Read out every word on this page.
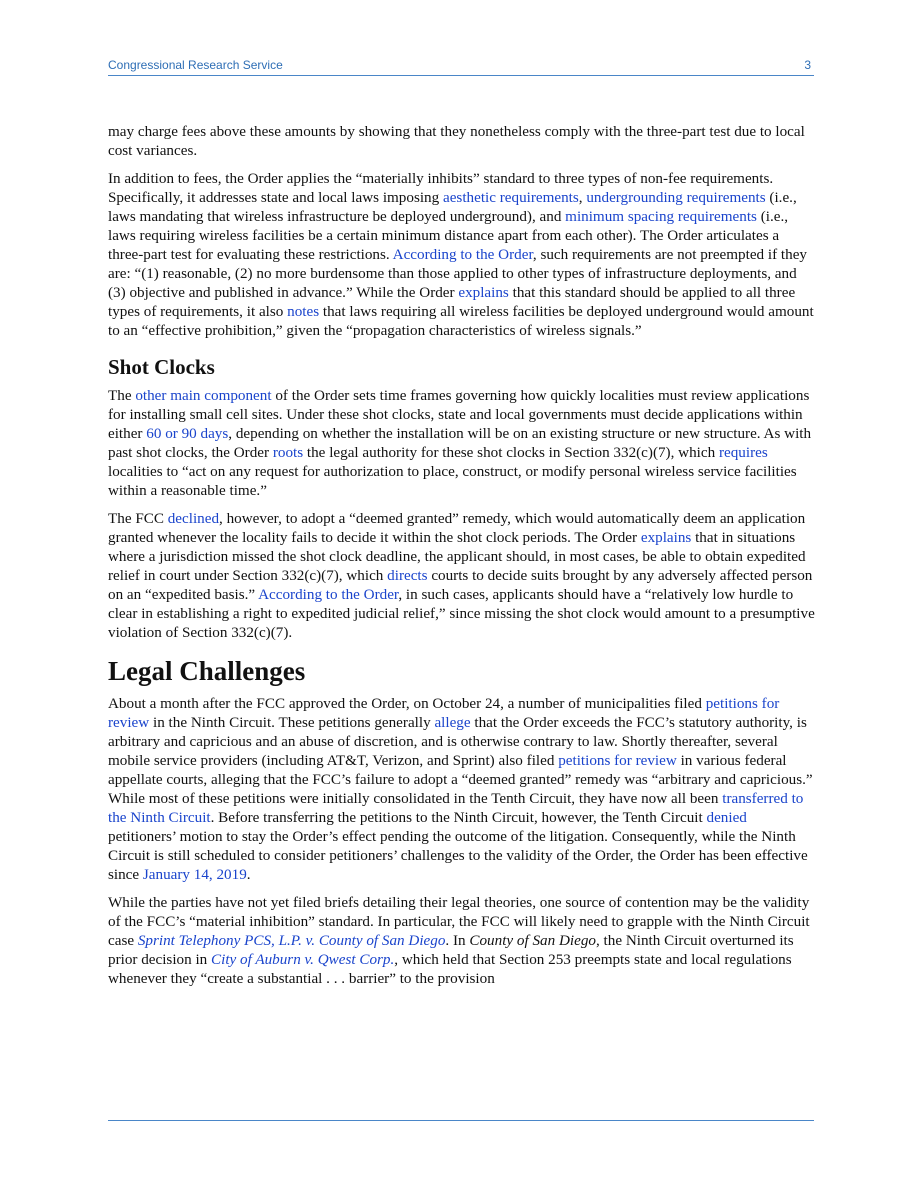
Congressional Research Service	3

may charge fees above these amounts by showing that they nonetheless comply with the three-part test due to local cost variances.

In addition to fees, the Order applies the “materially inhibits” standard to three types of non-fee requirements. Specifically, it addresses state and local laws imposing aesthetic requirements, undergrounding requirements (i.e., laws mandating that wireless infrastructure be deployed underground), and minimum spacing requirements (i.e., laws requiring wireless facilities be a certain minimum distance apart from each other). The Order articulates a three-part test for evaluating these restrictions. According to the Order, such requirements are not preempted if they are: “(1) reasonable, (2) no more burdensome than those applied to other types of infrastructure deployments, and (3) objective and published in advance.” While the Order explains that this standard should be applied to all three types of requirements, it also notes that laws requiring all wireless facilities be deployed underground would amount to an “effective prohibition,” given the “propagation characteristics of wireless signals.”

Shot Clocks

The other main component of the Order sets time frames governing how quickly localities must review applications for installing small cell sites. Under these shot clocks, state and local governments must decide applications within either 60 or 90 days, depending on whether the installation will be on an existing structure or new structure. As with past shot clocks, the Order roots the legal authority for these shot clocks in Section 332(c)(7), which requires localities to “act on any request for authorization to place, construct, or modify personal wireless service facilities within a reasonable time.”

The FCC declined, however, to adopt a “deemed granted” remedy, which would automatically deem an application granted whenever the locality fails to decide it within the shot clock periods. The Order explains that in situations where a jurisdiction missed the shot clock deadline, the applicant should, in most cases, be able to obtain expedited relief in court under Section 332(c)(7), which directs courts to decide suits brought by any adversely affected person on an “expedited basis.” According to the Order, in such cases, applicants should have a “relatively low hurdle to clear in establishing a right to expedited judicial relief,” since missing the shot clock would amount to a presumptive violation of Section 332(c)(7).

Legal Challenges

About a month after the FCC approved the Order, on October 24, a number of municipalities filed petitions for review in the Ninth Circuit. These petitions generally allege that the Order exceeds the FCC’s statutory authority, is arbitrary and capricious and an abuse of discretion, and is otherwise contrary to law. Shortly thereafter, several mobile service providers (including AT&T, Verizon, and Sprint) also filed petitions for review in various federal appellate courts, alleging that the FCC’s failure to adopt a “deemed granted” remedy was “arbitrary and capricious.” While most of these petitions were initially consolidated in the Tenth Circuit, they have now all been transferred to the Ninth Circuit. Before transferring the petitions to the Ninth Circuit, however, the Tenth Circuit denied petitioners’ motion to stay the Order’s effect pending the outcome of the litigation. Consequently, while the Ninth Circuit is still scheduled to consider petitioners’ challenges to the validity of the Order, the Order has been effective since January 14, 2019.

While the parties have not yet filed briefs detailing their legal theories, one source of contention may be the validity of the FCC’s “material inhibition” standard. In particular, the FCC will likely need to grapple with the Ninth Circuit case Sprint Telephony PCS, L.P. v. County of San Diego. In County of San Diego, the Ninth Circuit overturned its prior decision in City of Auburn v. Qwest Corp., which held that Section 253 preempts state and local regulations whenever they “create a substantial . . . barrier” to the provision
